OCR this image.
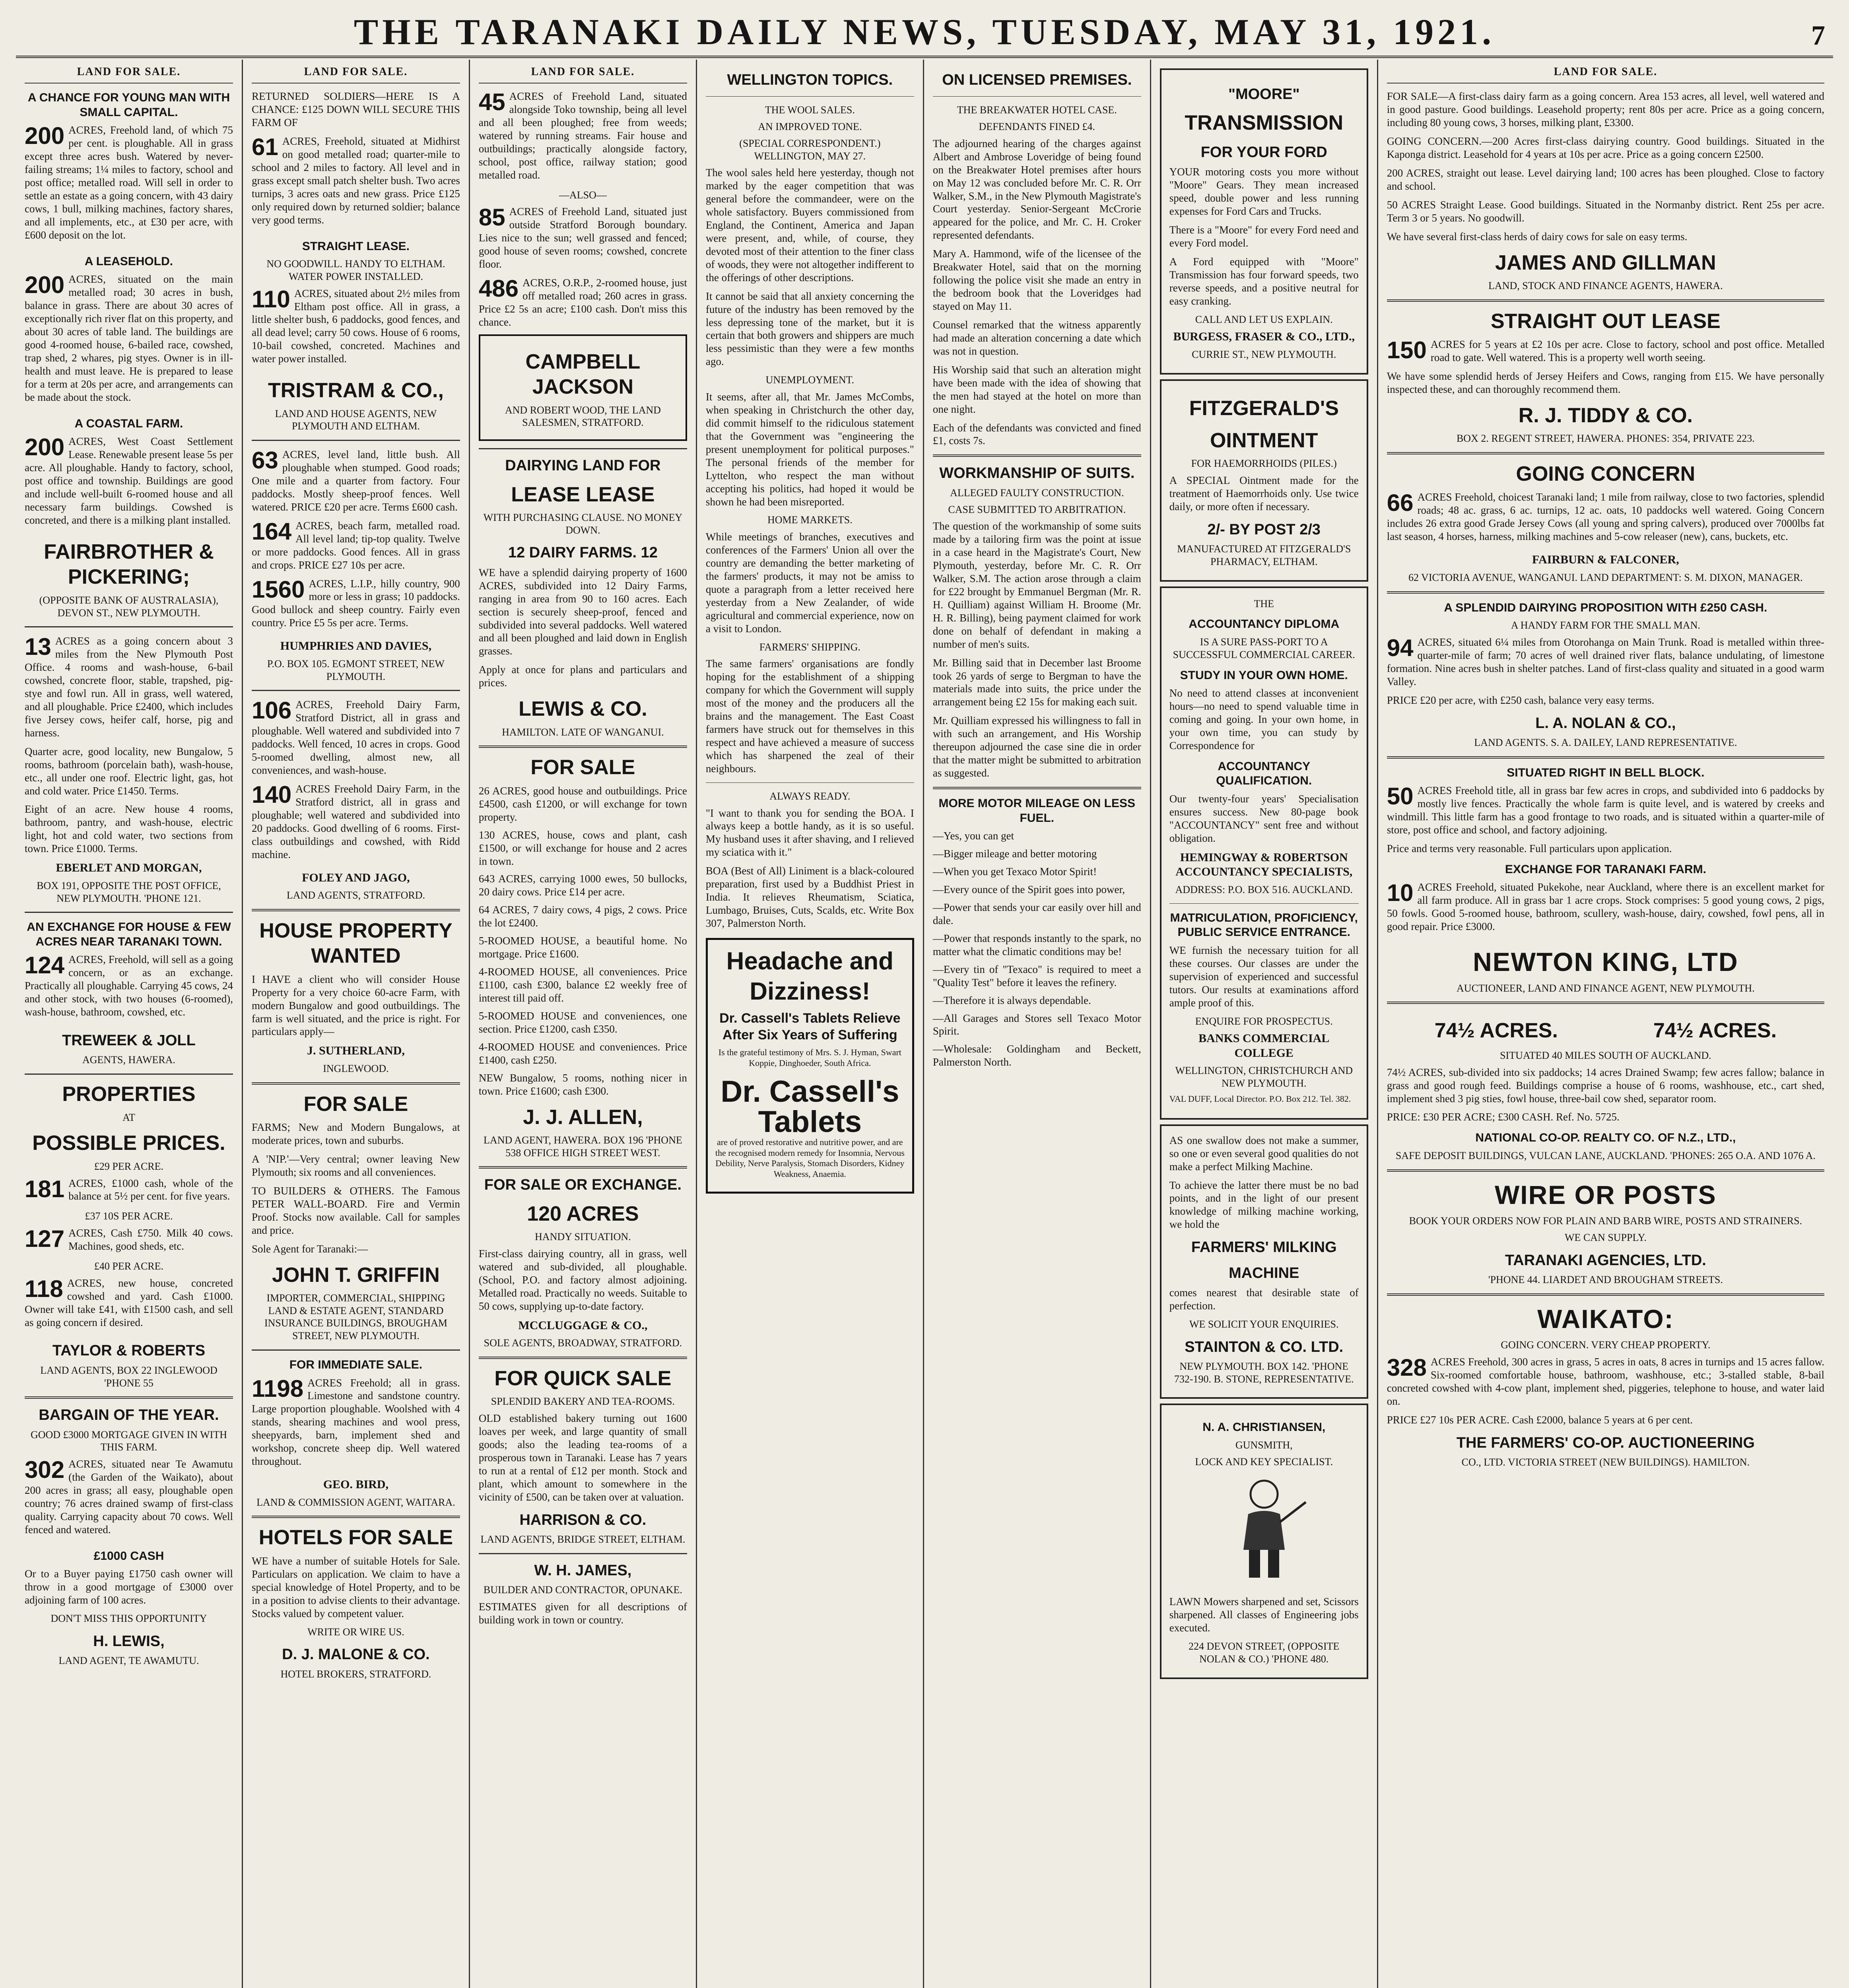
THE TARANAKI DAILY NEWS, TUESDAY, MAY 31, 1921.	7
LAND FOR SALE.
A CHANCE FOR YOUNG MAN WITH SMALL CAPITAL.
200 ACRES, Freehold land, of which 75 per cent. is ploughable. All in grass except three acres bush. Watered by never-failing streams; 1¼ miles to factory, school and post office; metalled road. Will sell in order to settle an estate as a going concern, with 43 dairy cows, 1 bull, milking machines, factory shares, and all implements, etc., at £30 per acre, with £600 deposit on the lot.
A LEASEHOLD.
200 ACRES, situated on the main metalled road; 30 acres in bush, balance in grass. There are about 30 acres of exceptionally rich river flat on this property, and about 30 acres of table land. The buildings are good 4-roomed house, 6-bailed race, cowshed, trap shed, 2 whares, pig styes. Owner is in ill-health and must leave. He is prepared to lease for a term at 20s per acre, and arrangements can be made about the stock.
A COASTAL FARM.
200 ACRES, West Coast Settlement Lease. Renewable present lease 5s per acre. All ploughable. Handy to factory, school, post office and township. Buildings are good and include well-built 6-roomed house and all necessary farm buildings. Cowshed is concreted, and there is a milking plant installed.
FAIRBROTHER & PICKERING;
(OPPOSITE BANK OF AUSTRALASIA), DEVON ST., NEW PLYMOUTH.
13 ACRES as a going concern about 3 miles from the New Plymouth Post Office. 4 rooms and wash-house, 6-bail cowshed, concrete floor, stable, trapshed, pig-stye and fowl run. All in grass, well watered, and all ploughable. Price £2400, which includes five Jersey cows, heifer calf, horse, pig and harness.
Quarter acre, good locality, new Bungalow, 5 rooms, bathroom (porcelain bath), wash-house, etc., all under one roof. Electric light, gas, hot and cold water. Price £1450. Terms.
Eight of an acre. New house 4 rooms, bathroom, pantry, and wash-house, electric light, hot and cold water, two sections from town. Price £1000. Terms.
EBERLET AND MORGAN,
BOX 191, OPPOSITE THE POST OFFICE, NEW PLYMOUTH. 'PHONE 121.
AN EXCHANGE FOR HOUSE & FEW ACRES NEAR TARANAKI TOWN.
124 ACRES, Freehold, will sell as a going concern, or as an exchange. Practically all ploughable. Carrying 45 cows, 24 and other stock, with two houses (6-roomed), wash-house, bathroom, cowshed, etc.
TREWEEK & JOLL
AGENTS, HAWERA.
PROPERTIES
AT
POSSIBLE PRICES.
£29 PER ACRE.
181 ACRES, £1000 cash, whole of the balance at 5½ per cent. for five years.
£37 10S PER ACRE.
127 ACRES, Cash £750. Milk 40 cows. Machines, good sheds, etc.
£40 PER ACRE.
118 ACRES, new house, concreted cowshed and yard. Cash £1000. Owner will take £41, with £1500 cash, and sell as going concern if desired.
TAYLOR & ROBERTS
LAND AGENTS, BOX 22 INGLEWOOD 'PHONE 55
BARGAIN OF THE YEAR.
GOOD £3000 MORTGAGE GIVEN IN WITH THIS FARM.
302 ACRES, situated near Te Awamutu (the Garden of the Waikato), about 200 acres in grass; all easy, ploughable open country; 76 acres drained swamp of first-class quality. Carrying capacity about 70 cows. Well fenced and watered.
£1000 CASH
Or to a Buyer paying £1750 cash owner will throw in a good mortgage of £3000 over adjoining farm of 100 acres.
DON'T MISS THIS OPPORTUNITY
H. LEWIS,
LAND AGENT, TE AWAMUTU.
LAND FOR SALE.
RETURNED SOLDIERS—HERE IS A CHANCE: £125 DOWN WILL SECURE THIS FARM OF
61 ACRES, Freehold, situated at Midhirst on good metalled road; quarter-mile to school and 2 miles to factory. All level and in grass except small patch shelter bush. Two acres turnips, 3 acres oats and new grass. Price £125 only required down by returned soldier; balance very good terms.
STRAIGHT LEASE.
NO GOODWILL. HANDY TO ELTHAM. WATER POWER INSTALLED.
110 ACRES, situated about 2½ miles from Eltham post office. All in grass, a little shelter bush, 6 paddocks, good fences, and all dead level; carry 50 cows. House of 6 rooms, 10-bail cowshed, concreted. Machines and water power installed.
TRISTRAM & CO.,
LAND AND HOUSE AGENTS, NEW PLYMOUTH AND ELTHAM.
63 ACRES, level land, little bush. All ploughable when stumped. Good roads; One mile and a quarter from factory. Four paddocks. Mostly sheep-proof fences. Well watered. PRICE £20 per acre. Terms £600 cash.
164 ACRES, beach farm, metalled road. All level land; tip-top quality. Twelve or more paddocks. Good fences. All in grass and crops. PRICE £27 10s per acre.
1560 ACRES, L.I.P., hilly country, 900 more or less in grass; 10 paddocks. Good bullock and sheep country. Fairly even country. Price £5 5s per acre. Terms.
HUMPHRIES AND DAVIES,
P.O. BOX 105. EGMONT STREET, NEW PLYMOUTH.
106 ACRES, Freehold Dairy Farm, Stratford District, all in grass and ploughable. Well watered and subdivided into 7 paddocks. Well fenced, 10 acres in crops. Good 5-roomed dwelling, almost new, all conveniences, and wash-house.
140 ACRES Freehold Dairy Farm, in the Stratford district, all in grass and ploughable; well watered and subdivided into 20 paddocks. Good dwelling of 6 rooms. First-class outbuildings and cowshed, with Ridd machine.
FOLEY AND JAGO,
LAND AGENTS, STRATFORD.
HOUSE PROPERTY WANTED
I HAVE a client who will consider House Property for a very choice 60-acre Farm, with modern Bungalow and good outbuildings. The farm is well situated, and the price is right. For particulars apply—
J. SUTHERLAND,
INGLEWOOD.
FOR SALE
FARMS; New and Modern Bungalows, at moderate prices, town and suburbs.
A 'NIP.'—Very central; owner leaving New Plymouth; six rooms and all conveniences.
TO BUILDERS & OTHERS. The Famous PETER WALL-BOARD. Fire and Vermin Proof. Stocks now available. Call for samples and price.
Sole Agent for Taranaki:—
JOHN T. GRIFFIN
IMPORTER, COMMERCIAL, SHIPPING LAND & ESTATE AGENT, STANDARD INSURANCE BUILDINGS, BROUGHAM STREET, NEW PLYMOUTH.
FOR IMMEDIATE SALE.
1198 ACRES Freehold; all in grass. Limestone and sandstone country. Large proportion ploughable. Woolshed with 4 stands, shearing machines and wool press, sheepyards, barn, implement shed and workshop, concrete sheep dip. Well watered throughout.
GEO. BIRD,
LAND & COMMISSION AGENT, WAITARA.
HOTELS FOR SALE
WE have a number of suitable Hotels for Sale. Particulars on application. We claim to have a special knowledge of Hotel Property, and to be in a position to advise clients to their advantage. Stocks valued by competent valuer.
WRITE OR WIRE US.
D. J. MALONE & CO.
HOTEL BROKERS, STRATFORD.
LAND FOR SALE.
45 ACRES of Freehold Land, situated alongside Toko township, being all level and all been ploughed; free from weeds; watered by running streams. Fair house and outbuildings; practically alongside factory, school, post office, railway station; good metalled road.
—ALSO—
85 ACRES of Freehold Land, situated just outside Stratford Borough boundary. Lies nice to the sun; well grassed and fenced; good house of seven rooms; cowshed, concrete floor.
486 ACRES, O.R.P., 2-roomed house, just off metalled road; 260 acres in grass. Price £2 5s an acre; £100 cash. Don't miss this chance.
CAMPBELL JACKSON
AND ROBERT WOOD, THE LAND SALESMEN, STRATFORD.
DAIRYING LAND FOR
LEASE LEASE
WITH PURCHASING CLAUSE. NO MONEY DOWN.
12 DAIRY FARMS. 12
WE have a splendid dairying property of 1600 ACRES, subdivided into 12 Dairy Farms, ranging in area from 90 to 160 acres. Each section is securely sheep-proof, fenced and subdivided into several paddocks. Well watered and all been ploughed and laid down in English grasses.
Apply at once for plans and particulars and prices.
LEWIS & CO.
HAMILTON. LATE OF WANGANUI.
FOR SALE
26 ACRES, good house and outbuildings. Price £4500, cash £1200, or will exchange for town property.
130 ACRES, house, cows and plant, cash £1500, or will exchange for house and 2 acres in town.
643 ACRES, carrying 1000 ewes, 50 bullocks, 20 dairy cows. Price £14 per acre.
64 ACRES, 7 dairy cows, 4 pigs, 2 cows. Price the lot £2400.
5-ROOMED HOUSE, a beautiful home. No mortgage. Price £1600.
4-ROOMED HOUSE, all conveniences. Price £1100, cash £300, balance £2 weekly free of interest till paid off.
5-ROOMED HOUSE and conveniences, one section. Price £1200, cash £350.
4-ROOMED HOUSE and conveniences. Price £1400, cash £250.
NEW Bungalow, 5 rooms, nothing nicer in town. Price £1600; cash £300.
J. J. ALLEN,
LAND AGENT, HAWERA. BOX 196 'PHONE 538 OFFICE HIGH STREET WEST.
FOR SALE OR EXCHANGE.
120 ACRES
HANDY SITUATION.
First-class dairying country, all in grass, well watered and sub-divided, all ploughable. (School, P.O. and factory almost adjoining. Metalled road. Practically no weeds. Suitable to 50 cows, supplying up-to-date factory.
MCCLUGGAGE & CO.,
SOLE AGENTS, BROADWAY, STRATFORD.
FOR QUICK SALE
SPLENDID BAKERY AND TEA-ROOMS.
OLD established bakery turning out 1600 loaves per week, and large quantity of small goods; also the leading tea-rooms of a prosperous town in Taranaki. Lease has 7 years to run at a rental of £12 per month. Stock and plant, which amount to somewhere in the vicinity of £500, can be taken over at valuation.
HARRISON & CO.
LAND AGENTS, BRIDGE STREET, ELTHAM.
W. H. JAMES,
BUILDER AND CONTRACTOR, OPUNAKE.
ESTIMATES given for all descriptions of building work in town or country.
WELLINGTON TOPICS.
THE WOOL SALES.
AN IMPROVED TONE.
(SPECIAL CORRESPONDENT.) WELLINGTON, MAY 27.
The wool sales held here yesterday, though not marked by the eager competition that was general before the commandeer, were on the whole satisfactory. Buyers commissioned from England, the Continent, America and Japan were present, and, while, of course, they devoted most of their attention to the finer class of woods, they were not altogether indifferent to the offerings of other descriptions.
It cannot be said that all anxiety concerning the future of the industry has been removed by the less depressing tone of the market, but it is certain that both growers and shippers are much less pessimistic than they were a few months ago.
UNEMPLOYMENT.
It seems, after all, that Mr. James McCombs, when speaking in Christchurch the other day, did commit himself to the ridiculous statement that the Government was "engineering the present unemployment for political purposes." The personal friends of the member for Lyttelton, who respect the man without accepting his politics, had hoped it would be shown he had been misreported.
HOME MARKETS.
While meetings of branches, executives and conferences of the Farmers' Union all over the country are demanding the better marketing of the farmers' products, it may not be amiss to quote a paragraph from a letter received here yesterday from a New Zealander, of wide agricultural and commercial experience, now on a visit to London.
FARMERS' SHIPPING.
The same farmers' organisations are fondly hoping for the establishment of a shipping company for which the Government will supply most of the money and the producers all the brains and the management. The East Coast farmers have struck out for themselves in this respect and have achieved a measure of success which has sharpened the zeal of their neighbours.
ALWAYS READY.
"I want to thank you for sending the BOA. I always keep a bottle handy, as it is so useful. My husband uses it after shaving, and I relieved my sciatica with it."
BOA (Best of All) Liniment is a black-coloured preparation, first used by a Buddhist Priest in India. It relieves Rheumatism, Sciatica, Lumbago, Bruises, Cuts, Scalds, etc. Write Box 307, Palmerston North.
Headache and Dizziness!
Dr. Cassell's Tablets Relieve After Six Years of Suffering
Is the grateful testimony of Mrs. S. J. Hyman, Swart Koppie, Dinghoeder, South Africa.
Dr. Cassell's Tablets
are of proved restorative and nutritive power, and are the recognised modern remedy for Insomnia, Nervous Debility, Nerve Paralysis, Stomach Disorders, Kidney Weakness, Anaemia.
ON LICENSED PREMISES.
THE BREAKWATER HOTEL CASE.
DEFENDANTS FINED £4.
The adjourned hearing of the charges against Albert and Ambrose Loveridge of being found on the Breakwater Hotel premises after hours on May 12 was concluded before Mr. C. R. Orr Walker, S.M., in the New Plymouth Magistrate's Court yesterday. Senior-Sergeant McCrorie appeared for the police, and Mr. C. H. Croker represented defendants.
Mary A. Hammond, wife of the licensee of the Breakwater Hotel, said that on the morning following the police visit she made an entry in the bedroom book that the Loveridges had stayed on May 11.
Counsel remarked that the witness apparently had made an alteration concerning a date which was not in question.
His Worship said that such an alteration might have been made with the idea of showing that the men had stayed at the hotel on more than one night.
Each of the defendants was convicted and fined £1, costs 7s.
WORKMANSHIP OF SUITS.
ALLEGED FAULTY CONSTRUCTION.
CASE SUBMITTED TO ARBITRATION.
The question of the workmanship of some suits made by a tailoring firm was the point at issue in a case heard in the Magistrate's Court, New Plymouth, yesterday, before Mr. C. R. Orr Walker, S.M. The action arose through a claim for £22 brought by Emmanuel Bergman (Mr. R. H. Quilliam) against William H. Broome (Mr. H. R. Billing), being payment claimed for work done on behalf of defendant in making a number of men's suits.
Mr. Billing said that in December last Broome took 26 yards of serge to Bergman to have the materials made into suits, the price under the arrangement being £2 15s for making each suit.
Mr. Quilliam expressed his willingness to fall in with such an arrangement, and His Worship thereupon adjourned the case sine die in order that the matter might be submitted to arbitration as suggested.
MORE MOTOR MILEAGE ON LESS FUEL.
—Yes, you can get
—Bigger mileage and better motoring
—When you get Texaco Motor Spirit!
—Every ounce of the Spirit goes into power,
—Power that sends your car easily over hill and dale.
—Power that responds instantly to the spark, no matter what the climatic conditions may be!
—Every tin of "Texaco" is required to meet a "Quality Test" before it leaves the refinery.
—Therefore it is always dependable.
—All Garages and Stores sell Texaco Motor Spirit.
—Wholesale: Goldingham and Beckett, Palmerston North.
"MOORE"
TRANSMISSION
FOR YOUR FORD
YOUR motoring costs you more without "Moore" Gears. They mean increased speed, double power and less running expenses for Ford Cars and Trucks.
There is a "Moore" for every Ford need and every Ford model.
A Ford equipped with "Moore" Transmission has four forward speeds, two reverse speeds, and a positive neutral for easy cranking.
CALL AND LET US EXPLAIN.
BURGESS, FRASER & CO., LTD.,
CURRIE ST., NEW PLYMOUTH.
FITZGERALD'S
OINTMENT
FOR HAEMORRHOIDS (PILES.)
A SPECIAL Ointment made for the treatment of Haemorrhoids only. Use twice daily, or more often if necessary.
2/- BY POST 2/3
MANUFACTURED AT FITZGERALD'S PHARMACY, ELTHAM.
THE
ACCOUNTANCY DIPLOMA
IS A SURE PASS-PORT TO A SUCCESSFUL COMMERCIAL CAREER.
STUDY IN YOUR OWN HOME.
No need to attend classes at inconvenient hours—no need to spend valuable time in coming and going. In your own home, in your own time, you can study by Correspondence for
ACCOUNTANCY QUALIFICATION.
Our twenty-four years' Specialisation ensures success. New 80-page book "ACCOUNTANCY" sent free and without obligation.
HEMINGWAY & ROBERTSON ACCOUNTANCY SPECIALISTS,
ADDRESS: P.O. BOX 516. AUCKLAND.
MATRICULATION, PROFICIENCY, PUBLIC SERVICE ENTRANCE.
WE furnish the necessary tuition for all these courses. Our classes are under the supervision of experienced and successful tutors. Our results at examinations afford ample proof of this.
ENQUIRE FOR PROSPECTUS.
BANKS COMMERCIAL COLLEGE
WELLINGTON, CHRISTCHURCH AND NEW PLYMOUTH.
VAL DUFF, Local Director. P.O. Box 212. Tel. 382.
AS one swallow does not make a summer, so one or even several good qualities do not make a perfect Milking Machine.
To achieve the latter there must be no bad points, and in the light of our present knowledge of milking machine working, we hold the
FARMERS' MILKING
MACHINE
comes nearest that desirable state of perfection.
WE SOLICIT YOUR ENQUIRIES.
STAINTON & CO. LTD.
NEW PLYMOUTH. BOX 142. 'PHONE 732-190. B. STONE, REPRESENTATIVE.
N. A. CHRISTIANSEN,
GUNSMITH,
LOCK AND KEY SPECIALIST.
LAWN Mowers sharpened and set, Scissors sharpened. All classes of Engineering jobs executed.
224 DEVON STREET, (OPPOSITE NOLAN & CO.) 'PHONE 480.
LAND FOR SALE.
FOR SALE—A first-class dairy farm as a going concern. Area 153 acres, all level, well watered and in good pasture. Good buildings. Leasehold property; rent 80s per acre. Price as a going concern, including 80 young cows, 3 horses, milking plant, £3300.
GOING CONCERN.—200 Acres first-class dairying country. Good buildings. Situated in the Kaponga district. Leasehold for 4 years at 10s per acre. Price as a going concern £2500.
200 ACRES, straight out lease. Level dairying land; 100 acres has been ploughed. Close to factory and school.
50 ACRES Straight Lease. Good buildings. Situated in the Normanby district. Rent 25s per acre. Term 3 or 5 years. No goodwill.
We have several first-class herds of dairy cows for sale on easy terms.
JAMES AND GILLMAN
LAND, STOCK AND FINANCE AGENTS, HAWERA.
STRAIGHT OUT LEASE
150 ACRES for 5 years at £2 10s per acre. Close to factory, school and post office. Metalled road to gate. Well watered. This is a property well worth seeing.
We have some splendid herds of Jersey Heifers and Cows, ranging from £15. We have personally inspected these, and can thoroughly recommend them.
R. J. TIDDY & CO.
BOX 2. REGENT STREET, HAWERA. PHONES: 354, PRIVATE 223.
GOING CONCERN
66 ACRES Freehold, choicest Taranaki land; 1 mile from railway, close to two factories, splendid roads; 48 ac. grass, 6 ac. turnips, 12 ac. oats, 10 paddocks well watered. Going Concern includes 26 extra good Grade Jersey Cows (all young and spring calvers), produced over 7000lbs fat last season, 4 horses, harness, milking machines and 5-cow releaser (new), cans, buckets, etc.
FAIRBURN & FALCONER,
62 VICTORIA AVENUE, WANGANUI. LAND DEPARTMENT: S. M. DIXON, MANAGER.
A SPLENDID DAIRYING PROPOSITION WITH £250 CASH.
A HANDY FARM FOR THE SMALL MAN.
94 ACRES, situated 6¼ miles from Otorohanga on Main Trunk. Road is metalled within three-quarter-mile of farm; 70 acres of well drained river flats, balance undulating, of limestone formation. Nine acres bush in shelter patches. Land of first-class quality and situated in a good warm Valley.
PRICE £20 per acre, with £250 cash, balance very easy terms.
L. A. NOLAN & CO.,
LAND AGENTS. S. A. DAILEY, LAND REPRESENTATIVE.
SITUATED RIGHT IN BELL BLOCK.
50 ACRES Freehold title, all in grass bar few acres in crops, and subdivided into 6 paddocks by mostly live fences. Practically the whole farm is quite level, and is watered by creeks and windmill. This little farm has a good frontage to two roads, and is situated within a quarter-mile of store, post office and school, and factory adjoining.
Price and terms very reasonable. Full particulars upon application.
EXCHANGE FOR TARANAKI FARM.
10 ACRES Freehold, situated Pukekohe, near Auckland, where there is an excellent market for all farm produce. All in grass bar 1 acre crops. Stock comprises: 5 good young cows, 2 pigs, 50 fowls. Good 5-roomed house, bathroom, scullery, wash-house, dairy, cowshed, fowl pens, all in good repair. Price £3000.
NEWTON KING, LTD
AUCTIONEER, LAND AND FINANCE AGENT, NEW PLYMOUTH.
74½ ACRES.	74½ ACRES.
SITUATED 40 MILES SOUTH OF AUCKLAND.
74½ ACRES, sub-divided into six paddocks; 14 acres Drained Swamp; few acres fallow; balance in grass and good rough feed. Buildings comprise a house of 6 rooms, washhouse, etc., cart shed, implement shed 3 pig sties, fowl house, three-bail cow shed, separator room.
PRICE: £30 PER ACRE; £300 CASH. Ref. No. 5725.
NATIONAL CO-OP. REALTY CO. OF N.Z., LTD.,
SAFE DEPOSIT BUILDINGS, VULCAN LANE, AUCKLAND. 'PHONES: 265 O.A. AND 1076 A.
WIRE OR POSTS
BOOK YOUR ORDERS NOW FOR PLAIN AND BARB WIRE, POSTS AND STRAINERS.
WE CAN SUPPLY.
TARANAKI AGENCIES, LTD.
'PHONE 44. LIARDET AND BROUGHAM STREETS.
WAIKATO:
GOING CONCERN. VERY CHEAP PROPERTY.
328 ACRES Freehold, 300 acres in grass, 5 acres in oats, 8 acres in turnips and 15 acres fallow. Six-roomed comfortable house, bathroom, washhouse, etc.; 3-stalled stable, 8-bail concreted cowshed with 4-cow plant, implement shed, piggeries, telephone to house, and water laid on.
PRICE £27 10s PER ACRE. Cash £2000, balance 5 years at 6 per cent.
THE FARMERS' CO-OP. AUCTIONEERING
CO., LTD. VICTORIA STREET (NEW BUILDINGS). HAMILTON.
